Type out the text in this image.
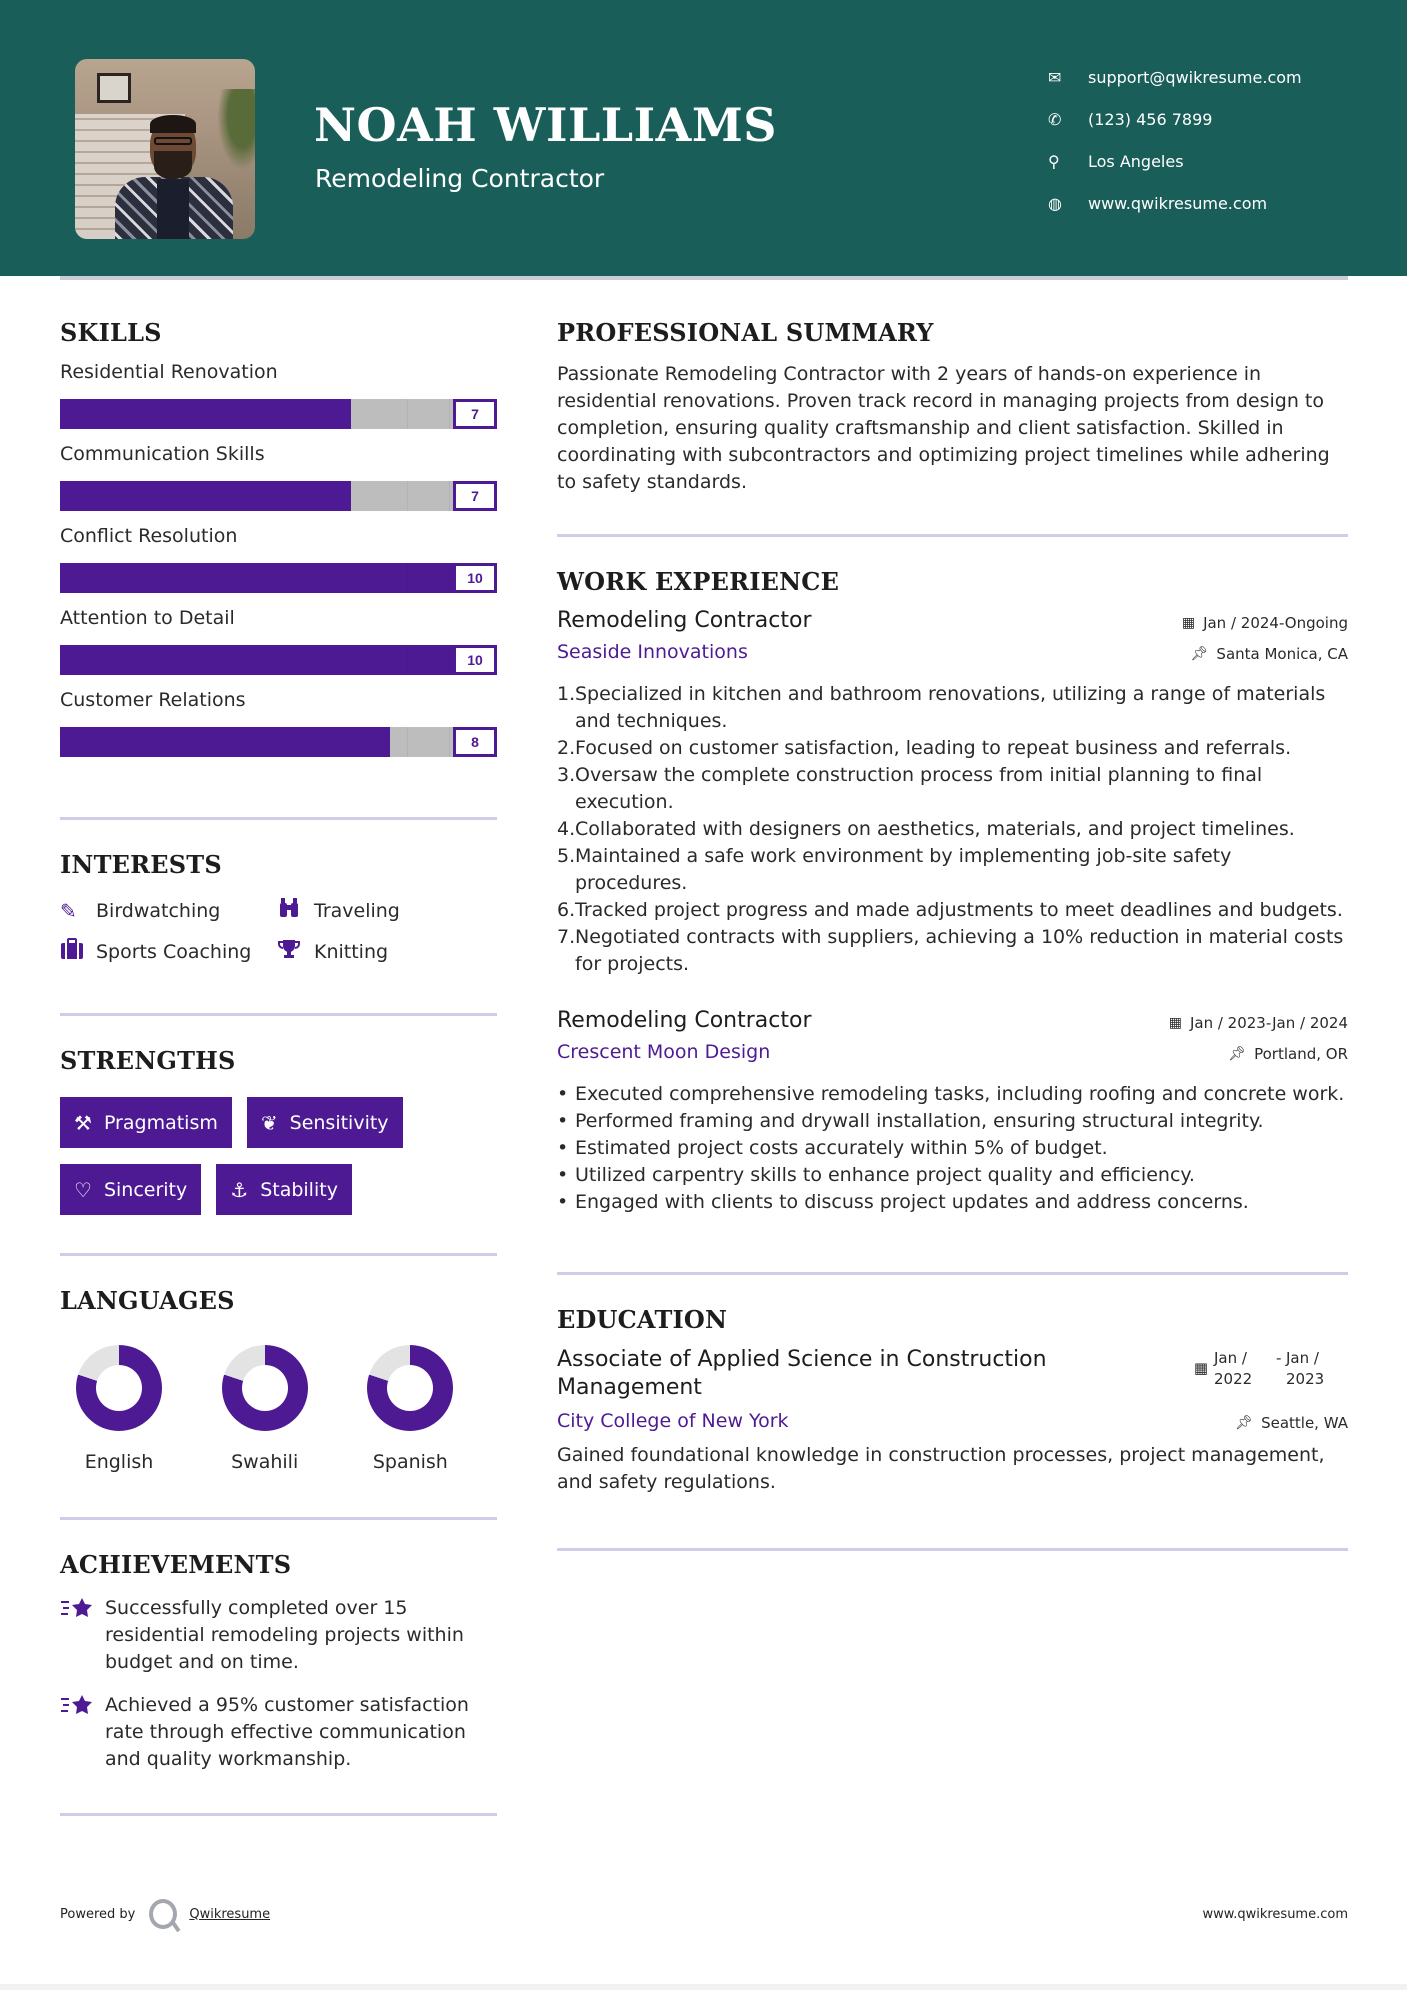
NOAH WILLIAMS
Remodeling Contractor
✉	support@qwikresume.com
✆	(123) 456 7899
⚲	Los Angeles
◍	www.qwikresume.com
SKILLS
Residential Renovation
7
Communication Skills
7
Conflict Resolution
10
Attention to Detail
10
Customer Relations
8
INTERESTS
✎	Birdwatching	Traveling
Sports Coaching	Knitting
STRENGTHS
⚒ Pragmatism ❦ Sensitivity
♡ Sincerity ⚓ Stability
LANGUAGES
English	Swahili	Spanish
ACHIEVEMENTS
Successfully completed over 15 residential remodeling projects within budget and on time.
Achieved a 95% customer satisfaction rate through effective communication and quality workmanship.
PROFESSIONAL SUMMARY

Passionate Remodeling Contractor with 2 years of hands-on experience in residential renovations. Proven track record in managing projects from design to completion, ensuring quality craftsmanship and client satisfaction. Skilled in coordinating with subcontractors and optimizing project timelines while adhering to safety standards.

WORK EXPERIENCE
Remodeling Contractor	▦ Jan / 2024-Ongoing
Seaside Innovations	📌︎ Santa Monica, CA
1. Specialized in kitchen and bathroom renovations, utilizing a range of materials and techniques.
2. Focused on customer satisfaction, leading to repeat business and referrals.
3. Oversaw the complete construction process from initial planning to final execution.
4. Collaborated with designers on aesthetics, materials, and project timelines.
5. Maintained a safe work environment by implementing job-site safety procedures.
6. Tracked project progress and made adjustments to meet deadlines and budgets.
7. Negotiated contracts with suppliers, achieving a 10% reduction in material costs for projects.
Remodeling Contractor	▦ Jan / 2023-Jan / 2024
Crescent Moon Design	📌︎ Portland, OR
• Executed comprehensive remodeling tasks, including roofing and concrete work.
• Performed framing and drywall installation, ensuring structural integrity.
• Estimated project costs accurately within 5% of budget.
• Utilized carpentry skills to enhance project quality and efficiency.
• Engaged with clients to discuss project updates and address concerns.
EDUCATION
Associate of Applied Science in Construction Management
▦
Jan / 2022
- Jan / 2023
City College of New York	📌︎ Seattle, WA

Gained foundational knowledge in construction processes, project management, and safety regulations.

Powered by	Qwikresume	www.qwikresume.com
